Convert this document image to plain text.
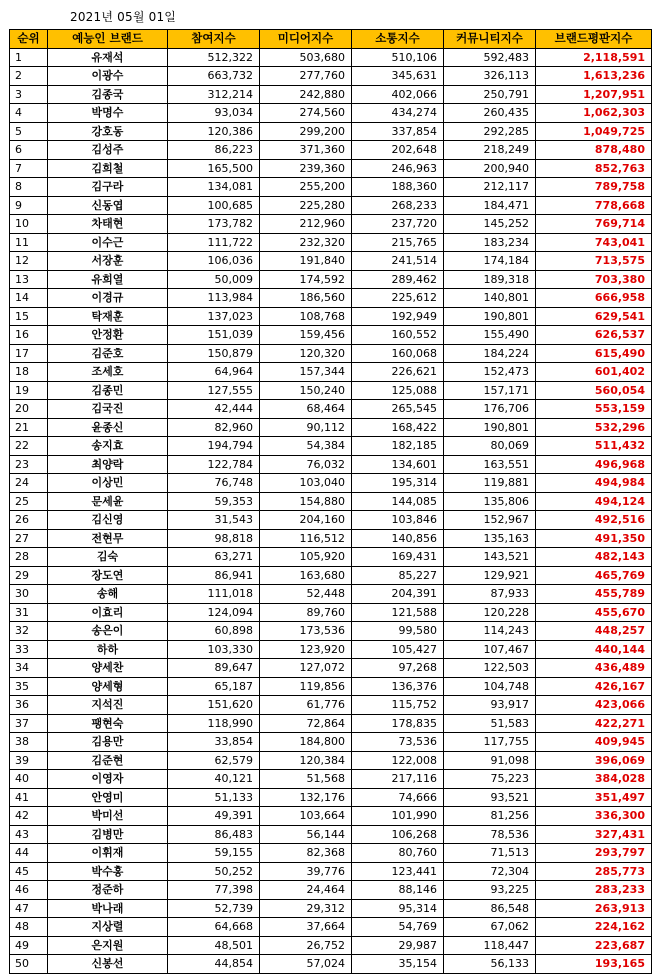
2021년 05월 01일
순위	예능인 브랜드	참여지수	미디어지수	소통지수	커뮤니티지수	브랜드평판지수
1	유재석	512,322	503,680	510,106	592,483	2,118,591
2	이광수	663,732	277,760	345,631	326,113	1,613,236
3	김종국	312,214	242,880	402,066	250,791	1,207,951
4	박명수	93,034	274,560	434,274	260,435	1,062,303
5	강호동	120,386	299,200	337,854	292,285	1,049,725
6	김성주	86,223	371,360	202,648	218,249	878,480
7	김희철	165,500	239,360	246,963	200,940	852,763
8	김구라	134,081	255,200	188,360	212,117	789,758
9	신동엽	100,685	225,280	268,233	184,471	778,668
10	차태현	173,782	212,960	237,720	145,252	769,714
11	이수근	111,722	232,320	215,765	183,234	743,041
12	서장훈	106,036	191,840	241,514	174,184	713,575
13	유희열	50,009	174,592	289,462	189,318	703,380
14	이경규	113,984	186,560	225,612	140,801	666,958
15	탁재훈	137,023	108,768	192,949	190,801	629,541
16	안정환	151,039	159,456	160,552	155,490	626,537
17	김준호	150,879	120,320	160,068	184,224	615,490
18	조세호	64,964	157,344	226,621	152,473	601,402
19	김종민	127,555	150,240	125,088	157,171	560,054
20	김국진	42,444	68,464	265,545	176,706	553,159
21	윤종신	82,960	90,112	168,422	190,801	532,296
22	송지효	194,794	54,384	182,185	80,069	511,432
23	최양락	122,784	76,032	134,601	163,551	496,968
24	이상민	76,748	103,040	195,314	119,881	494,984
25	문세윤	59,353	154,880	144,085	135,806	494,124
26	김신영	31,543	204,160	103,846	152,967	492,516
27	전현무	98,818	116,512	140,856	135,163	491,350
28	김숙	63,271	105,920	169,431	143,521	482,143
29	장도연	86,941	163,680	85,227	129,921	465,769
30	송해	111,018	52,448	204,391	87,933	455,789
31	이효리	124,094	89,760	121,588	120,228	455,670
32	송은이	60,898	173,536	99,580	114,243	448,257
33	하하	103,330	123,920	105,427	107,467	440,144
34	양세찬	89,647	127,072	97,268	122,503	436,489
35	양세형	65,187	119,856	136,376	104,748	426,167
36	지석진	151,620	61,776	115,752	93,917	423,066
37	팽현숙	118,990	72,864	178,835	51,583	422,271
38	김용만	33,854	184,800	73,536	117,755	409,945
39	김준현	62,579	120,384	122,008	91,098	396,069
40	이영자	40,121	51,568	217,116	75,223	384,028
41	안영미	51,133	132,176	74,666	93,521	351,497
42	박미선	49,391	103,664	101,990	81,256	336,300
43	김병만	86,483	56,144	106,268	78,536	327,431
44	이휘재	59,155	82,368	80,760	71,513	293,797
45	박수홍	50,252	39,776	123,441	72,304	285,773
46	정준하	77,398	24,464	88,146	93,225	283,233
47	박나래	52,739	29,312	95,314	86,548	263,913
48	지상렬	64,668	37,664	54,769	67,062	224,162
49	은지원	48,501	26,752	29,987	118,447	223,687
50	신봉선	44,854	57,024	35,154	56,133	193,165
